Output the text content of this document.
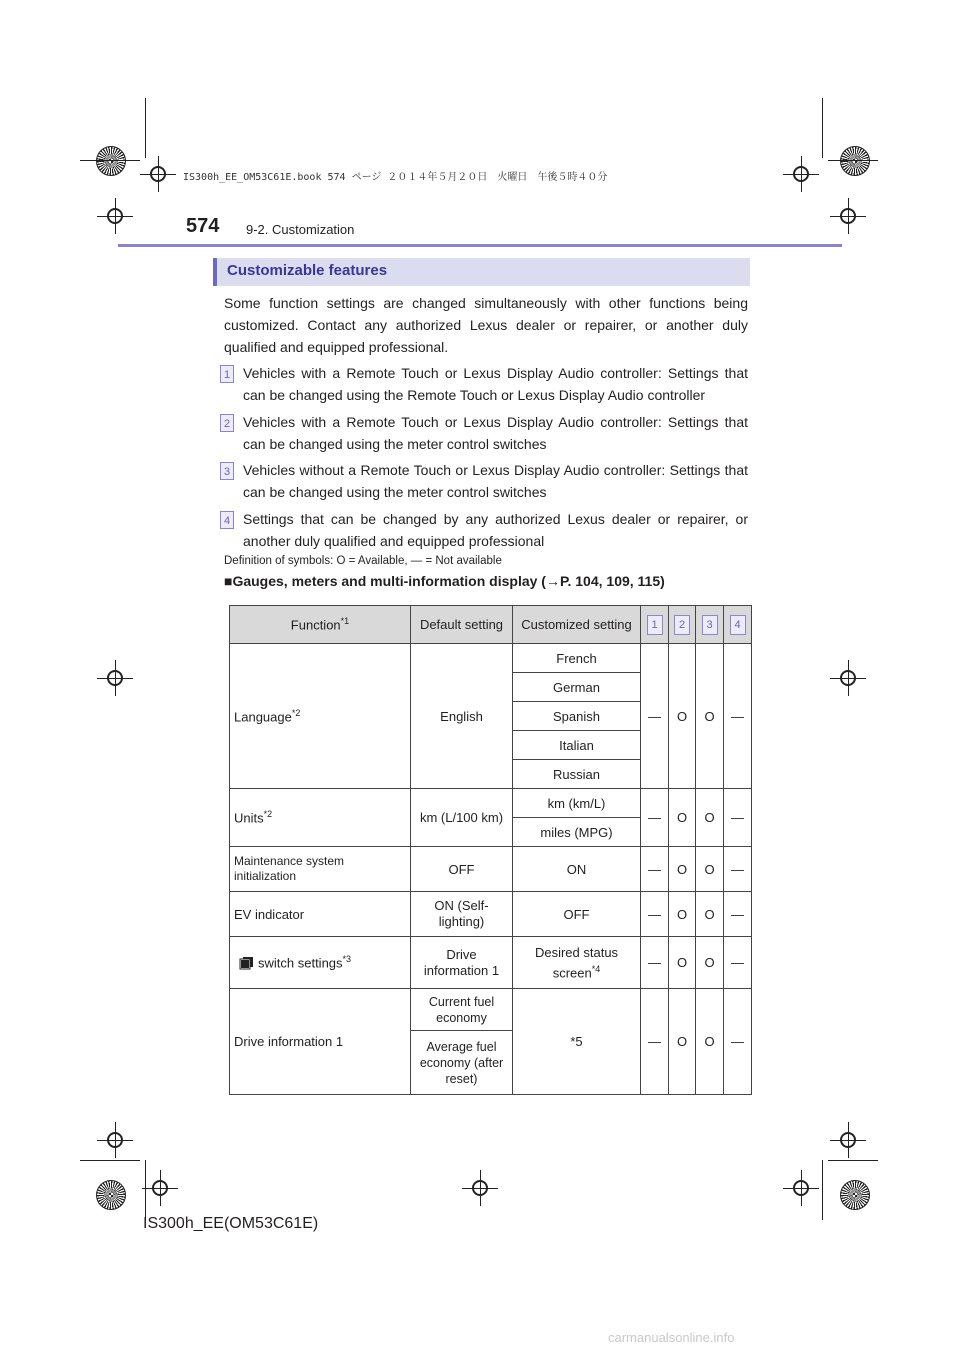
IS300h_EE_OM53C61E.book 574 ページ ２０１４年５月２０日　火曜日　午後５時４０分
574 9-2. Customization
Customizable features
Some function settings are changed simultaneously with other functions being customized. Contact any authorized Lexus dealer or repairer, or another duly qualified and equipped professional.
1 Vehicles with a Remote Touch or Lexus Display Audio controller: Settings that can be changed using the Remote Touch or Lexus Display Audio controller
2 Vehicles with a Remote Touch or Lexus Display Audio controller: Settings that can be changed using the meter control switches
3 Vehicles without a Remote Touch or Lexus Display Audio controller: Settings that can be changed using the meter control switches
4 Settings that can be changed by any authorized Lexus dealer or repairer, or another duly qualified and equipped professional
Definition of symbols: O = Available, — = Not available
■Gauges, meters and multi-information display (→P. 104, 109, 115)
Function$^{*1}$	Default setting	Customized setting	1	2	3	4
Language$^{*2}$	English	French	—	O	O	—
		German				
		Spanish				
		Italian				
		Russian				
Units$^{*2}$	km (L/100 km)	km (km/L)	—	O	O	—
		miles (MPG)				
Maintenance system initialization	OFF	ON	—	O	O	—
EV indicator	ON (Self-lighting)	OFF	—	O	O	—
switch settings$^{*3}$	Drive information 1	Desired status screen$^{*4}$	—	O	O	—
Drive information 1	Current fuel economy	*5	—	O	O	—
	Average fuel economy (after reset)					
IS300h_EE(OM53C61E)
carmanualsonline.info
